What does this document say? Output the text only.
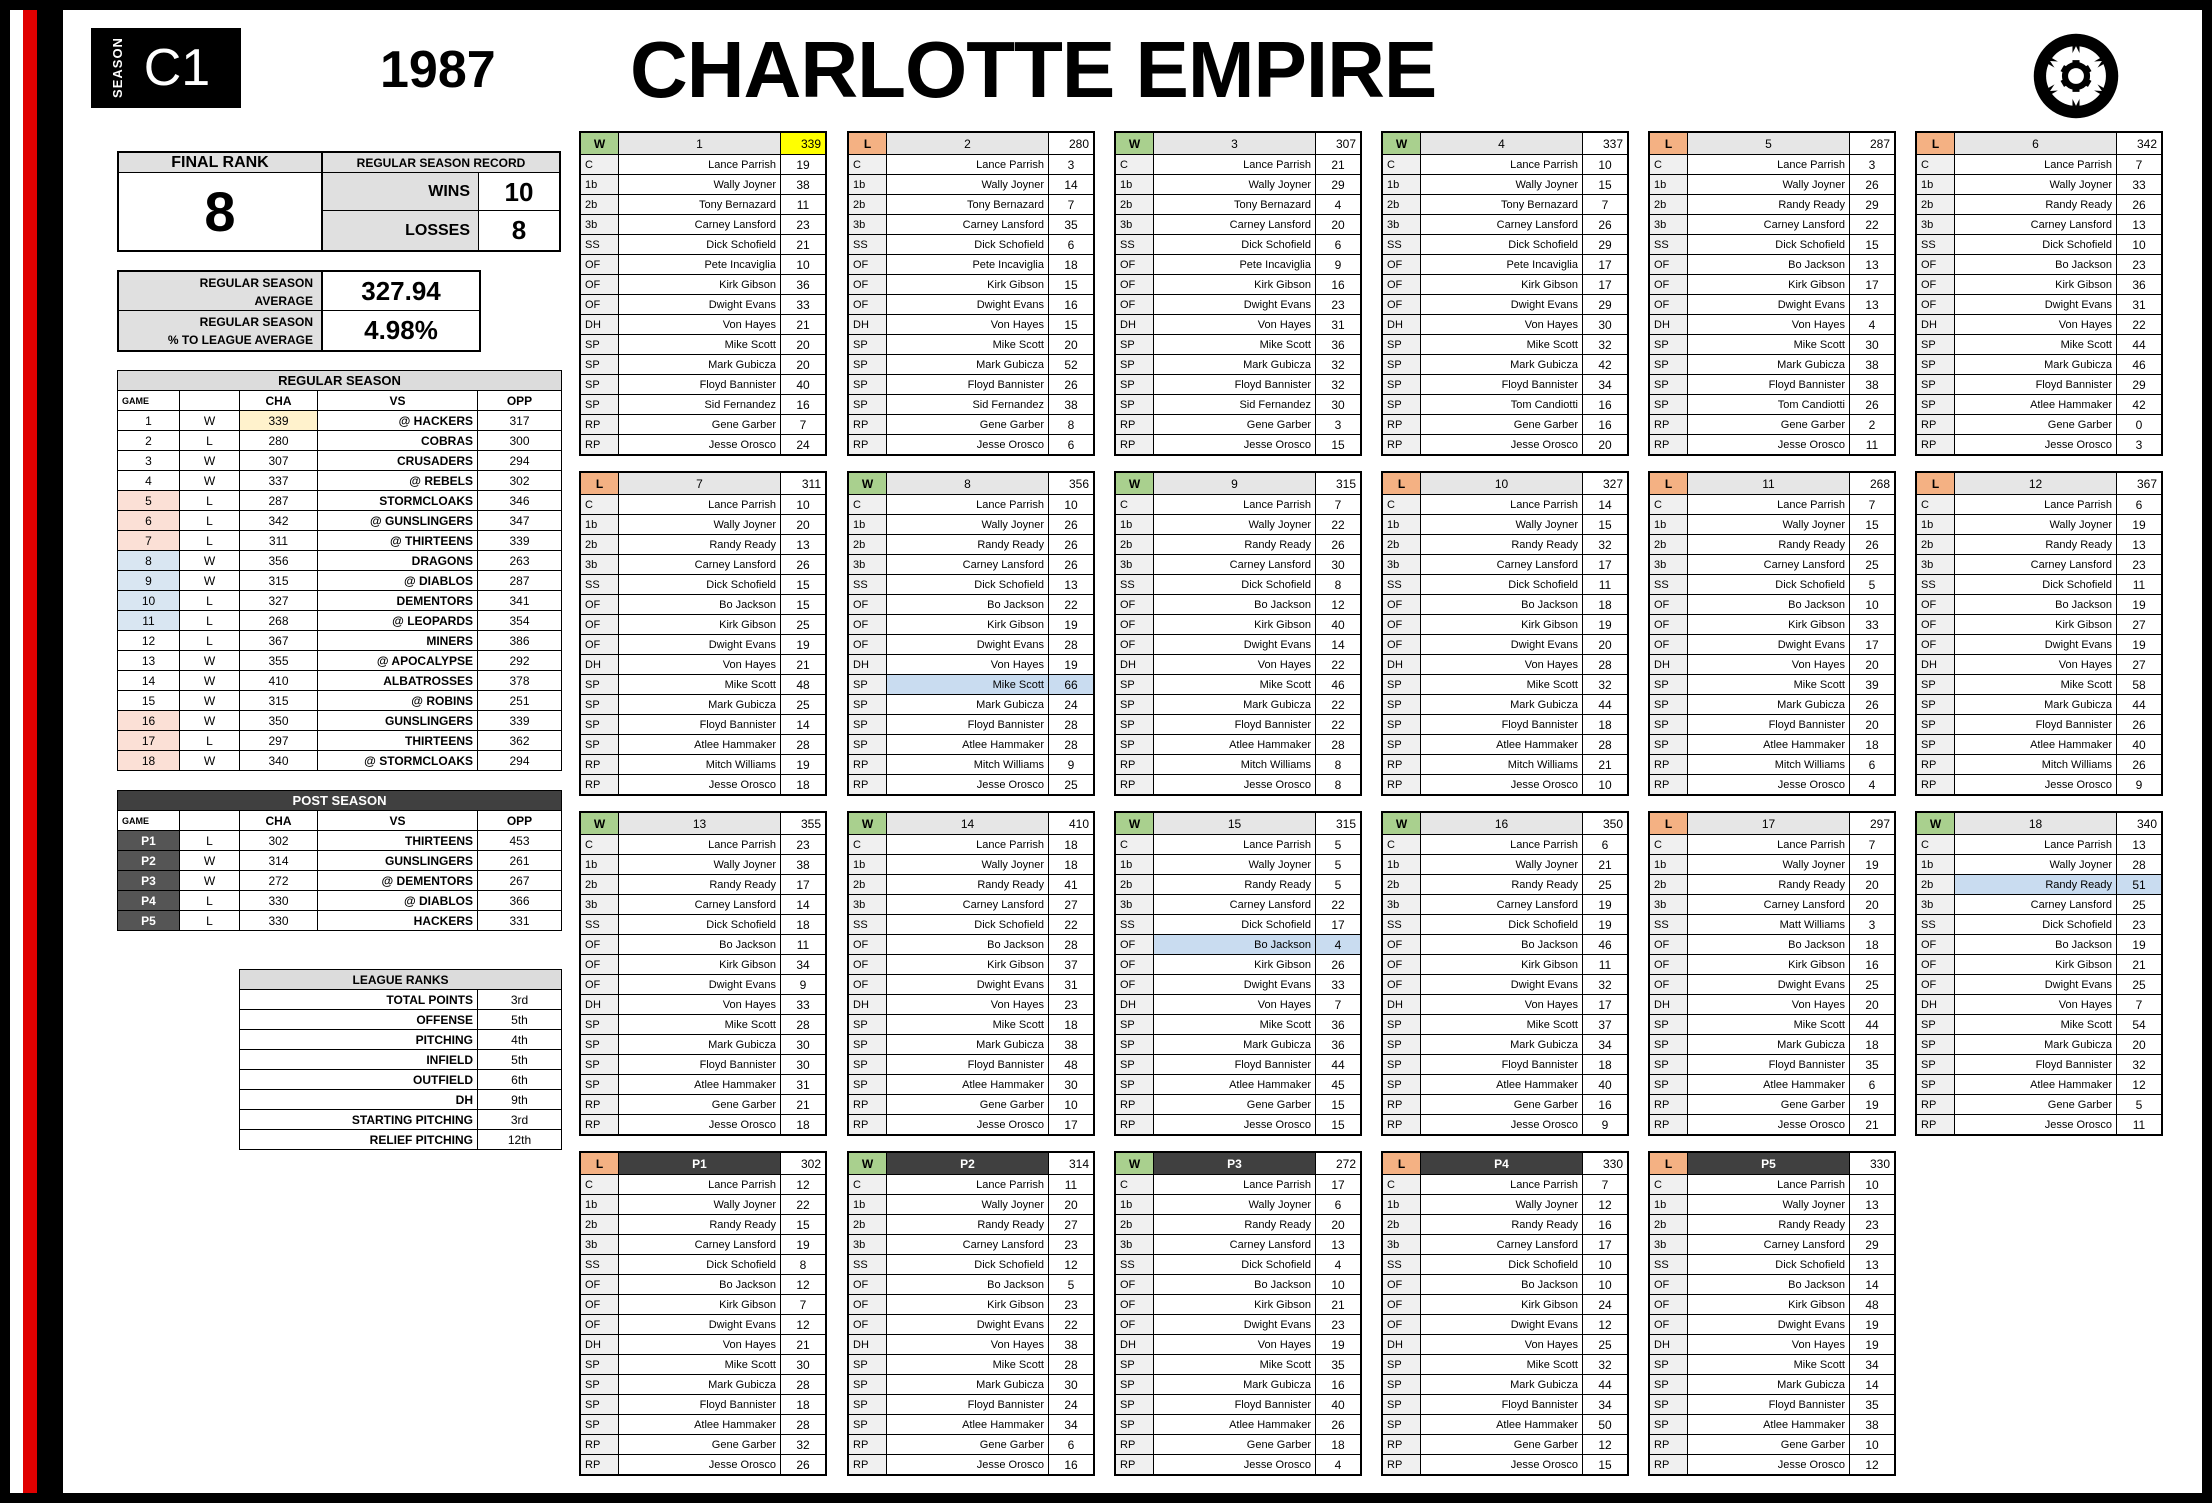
SEASON C1	1987 CHARLOTTE EMPIRE
FINAL RANK
8
REGULAR SEASON RECORD
WINS	10
LOSSES	8
REGULAR SEASON
AVERAGE	327.94
REGULAR SEASON
% TO LEAGUE AVERAGE	4.98%
REGULAR SEASON				
GAME		CHA	VS	OPP
1	W	339	@ HACKERS	317
2	L	280	COBRAS	300
3	W	307	CRUSADERS	294
4	W	337	@ REBELS	302
5	L	287	STORMCLOAKS	346
6	L	342	@ GUNSLINGERS	347
7	L	311	@ THIRTEENS	339
8	W	356	DRAGONS	263
9	W	315	@ DIABLOS	287
10	L	327	DEMENTORS	341
11	L	268	@ LEOPARDS	354
12	L	367	MINERS	386
13	W	355	@ APOCALYPSE	292
14	W	410	ALBATROSSES	378
15	W	315	@ ROBINS	251
16	W	350	GUNSLINGERS	339
17	L	297	THIRTEENS	362
18	W	340	@ STORMCLOAKS	294
POST SEASON				
GAME		CHA	VS	OPP
P1	L	302	THIRTEENS	453
P2	W	314	GUNSLINGERS	261
P3	W	272	@ DEMENTORS	267
P4	L	330	@ DIABLOS	366
P5	L	330	HACKERS	331
LEAGUE RANKS	
TOTAL POINTS	3rd
OFFENSE	5th
PITCHING	4th
INFIELD	5th
OUTFIELD	6th
DH	9th
STARTING PITCHING	3rd
RELIEF PITCHING	12th
W	1	339
C	Lance Parrish	19
1b	Wally Joyner	38
2b	Tony Bernazard	11
3b	Carney Lansford	23
SS	Dick Schofield	21
OF	Pete Incaviglia	10
OF	Kirk Gibson	36
OF	Dwight Evans	33
DH	Von Hayes	21
SP	Mike Scott	20
SP	Mark Gubicza	20
SP	Floyd Bannister	40
SP	Sid Fernandez	16
RP	Gene Garber	7
RP	Jesse Orosco	24
L	2	280
C	Lance Parrish	3
1b	Wally Joyner	14
2b	Tony Bernazard	7
3b	Carney Lansford	35
SS	Dick Schofield	6
OF	Pete Incaviglia	18
OF	Kirk Gibson	15
OF	Dwight Evans	16
DH	Von Hayes	15
SP	Mike Scott	20
SP	Mark Gubicza	52
SP	Floyd Bannister	26
SP	Sid Fernandez	38
RP	Gene Garber	8
RP	Jesse Orosco	6
W	3	307
C	Lance Parrish	21
1b	Wally Joyner	29
2b	Tony Bernazard	4
3b	Carney Lansford	20
SS	Dick Schofield	6
OF	Pete Incaviglia	9
OF	Kirk Gibson	16
OF	Dwight Evans	23
DH	Von Hayes	31
SP	Mike Scott	36
SP	Mark Gubicza	32
SP	Floyd Bannister	32
SP	Sid Fernandez	30
RP	Gene Garber	3
RP	Jesse Orosco	15
W	4	337
C	Lance Parrish	10
1b	Wally Joyner	15
2b	Tony Bernazard	7
3b	Carney Lansford	26
SS	Dick Schofield	29
OF	Pete Incaviglia	17
OF	Kirk Gibson	17
OF	Dwight Evans	29
DH	Von Hayes	30
SP	Mike Scott	32
SP	Mark Gubicza	42
SP	Floyd Bannister	34
SP	Tom Candiotti	16
RP	Gene Garber	16
RP	Jesse Orosco	20
L	5	287
C	Lance Parrish	3
1b	Wally Joyner	26
2b	Randy Ready	29
3b	Carney Lansford	22
SS	Dick Schofield	15
OF	Bo Jackson	13
OF	Kirk Gibson	17
OF	Dwight Evans	13
DH	Von Hayes	4
SP	Mike Scott	30
SP	Mark Gubicza	38
SP	Floyd Bannister	38
SP	Tom Candiotti	26
RP	Gene Garber	2
RP	Jesse Orosco	11
L	6	342
C	Lance Parrish	7
1b	Wally Joyner	33
2b	Randy Ready	26
3b	Carney Lansford	13
SS	Dick Schofield	10
OF	Bo Jackson	23
OF	Kirk Gibson	36
OF	Dwight Evans	31
DH	Von Hayes	22
SP	Mike Scott	44
SP	Mark Gubicza	46
SP	Floyd Bannister	29
SP	Atlee Hammaker	42
RP	Gene Garber	0
RP	Jesse Orosco	3
L	7	311
C	Lance Parrish	10
1b	Wally Joyner	20
2b	Randy Ready	13
3b	Carney Lansford	26
SS	Dick Schofield	15
OF	Bo Jackson	15
OF	Kirk Gibson	25
OF	Dwight Evans	19
DH	Von Hayes	21
SP	Mike Scott	48
SP	Mark Gubicza	25
SP	Floyd Bannister	14
SP	Atlee Hammaker	28
RP	Mitch Williams	19
RP	Jesse Orosco	18
W	8	356
C	Lance Parrish	10
1b	Wally Joyner	26
2b	Randy Ready	26
3b	Carney Lansford	26
SS	Dick Schofield	13
OF	Bo Jackson	22
OF	Kirk Gibson	19
OF	Dwight Evans	28
DH	Von Hayes	19
SP	Mike Scott	66
SP	Mark Gubicza	24
SP	Floyd Bannister	28
SP	Atlee Hammaker	28
RP	Mitch Williams	9
RP	Jesse Orosco	25
W	9	315
C	Lance Parrish	7
1b	Wally Joyner	22
2b	Randy Ready	26
3b	Carney Lansford	30
SS	Dick Schofield	8
OF	Bo Jackson	12
OF	Kirk Gibson	40
OF	Dwight Evans	14
DH	Von Hayes	22
SP	Mike Scott	46
SP	Mark Gubicza	22
SP	Floyd Bannister	22
SP	Atlee Hammaker	28
RP	Mitch Williams	8
RP	Jesse Orosco	8
L	10	327
C	Lance Parrish	14
1b	Wally Joyner	15
2b	Randy Ready	32
3b	Carney Lansford	17
SS	Dick Schofield	11
OF	Bo Jackson	18
OF	Kirk Gibson	19
OF	Dwight Evans	20
DH	Von Hayes	28
SP	Mike Scott	32
SP	Mark Gubicza	44
SP	Floyd Bannister	18
SP	Atlee Hammaker	28
RP	Mitch Williams	21
RP	Jesse Orosco	10
L	11	268
C	Lance Parrish	7
1b	Wally Joyner	15
2b	Randy Ready	26
3b	Carney Lansford	25
SS	Dick Schofield	5
OF	Bo Jackson	10
OF	Kirk Gibson	33
OF	Dwight Evans	17
DH	Von Hayes	20
SP	Mike Scott	39
SP	Mark Gubicza	26
SP	Floyd Bannister	20
SP	Atlee Hammaker	18
RP	Mitch Williams	6
RP	Jesse Orosco	4
L	12	367
C	Lance Parrish	6
1b	Wally Joyner	19
2b	Randy Ready	13
3b	Carney Lansford	23
SS	Dick Schofield	11
OF	Bo Jackson	19
OF	Kirk Gibson	27
OF	Dwight Evans	19
DH	Von Hayes	27
SP	Mike Scott	58
SP	Mark Gubicza	44
SP	Floyd Bannister	26
SP	Atlee Hammaker	40
RP	Mitch Williams	26
RP	Jesse Orosco	9
W	13	355
C	Lance Parrish	23
1b	Wally Joyner	38
2b	Randy Ready	17
3b	Carney Lansford	14
SS	Dick Schofield	18
OF	Bo Jackson	11
OF	Kirk Gibson	34
OF	Dwight Evans	9
DH	Von Hayes	33
SP	Mike Scott	28
SP	Mark Gubicza	30
SP	Floyd Bannister	30
SP	Atlee Hammaker	31
RP	Gene Garber	21
RP	Jesse Orosco	18
W	14	410
C	Lance Parrish	18
1b	Wally Joyner	18
2b	Randy Ready	41
3b	Carney Lansford	27
SS	Dick Schofield	22
OF	Bo Jackson	28
OF	Kirk Gibson	37
OF	Dwight Evans	31
DH	Von Hayes	23
SP	Mike Scott	18
SP	Mark Gubicza	38
SP	Floyd Bannister	48
SP	Atlee Hammaker	30
RP	Gene Garber	10
RP	Jesse Orosco	17
W	15	315
C	Lance Parrish	5
1b	Wally Joyner	5
2b	Randy Ready	5
3b	Carney Lansford	22
SS	Dick Schofield	17
OF	Bo Jackson	4
OF	Kirk Gibson	26
OF	Dwight Evans	33
DH	Von Hayes	7
SP	Mike Scott	36
SP	Mark Gubicza	36
SP	Floyd Bannister	44
SP	Atlee Hammaker	45
RP	Gene Garber	15
RP	Jesse Orosco	15
W	16	350
C	Lance Parrish	6
1b	Wally Joyner	21
2b	Randy Ready	25
3b	Carney Lansford	19
SS	Dick Schofield	19
OF	Bo Jackson	46
OF	Kirk Gibson	11
OF	Dwight Evans	32
DH	Von Hayes	17
SP	Mike Scott	37
SP	Mark Gubicza	34
SP	Floyd Bannister	18
SP	Atlee Hammaker	40
RP	Gene Garber	16
RP	Jesse Orosco	9
L	17	297
C	Lance Parrish	7
1b	Wally Joyner	19
2b	Randy Ready	20
3b	Carney Lansford	20
SS	Matt Williams	3
OF	Bo Jackson	18
OF	Kirk Gibson	16
OF	Dwight Evans	25
DH	Von Hayes	20
SP	Mike Scott	44
SP	Mark Gubicza	18
SP	Floyd Bannister	35
SP	Atlee Hammaker	6
RP	Gene Garber	19
RP	Jesse Orosco	21
W	18	340
C	Lance Parrish	13
1b	Wally Joyner	28
2b	Randy Ready	51
3b	Carney Lansford	25
SS	Dick Schofield	23
OF	Bo Jackson	19
OF	Kirk Gibson	21
OF	Dwight Evans	25
DH	Von Hayes	7
SP	Mike Scott	54
SP	Mark Gubicza	20
SP	Floyd Bannister	32
SP	Atlee Hammaker	12
RP	Gene Garber	5
RP	Jesse Orosco	11
L	P1	302
C	Lance Parrish	12
1b	Wally Joyner	22
2b	Randy Ready	15
3b	Carney Lansford	19
SS	Dick Schofield	8
OF	Bo Jackson	12
OF	Kirk Gibson	7
OF	Dwight Evans	12
DH	Von Hayes	21
SP	Mike Scott	30
SP	Mark Gubicza	28
SP	Floyd Bannister	18
SP	Atlee Hammaker	28
RP	Gene Garber	32
RP	Jesse Orosco	26
W	P2	314
C	Lance Parrish	11
1b	Wally Joyner	20
2b	Randy Ready	27
3b	Carney Lansford	23
SS	Dick Schofield	12
OF	Bo Jackson	5
OF	Kirk Gibson	23
OF	Dwight Evans	22
DH	Von Hayes	38
SP	Mike Scott	28
SP	Mark Gubicza	30
SP	Floyd Bannister	24
SP	Atlee Hammaker	34
RP	Gene Garber	6
RP	Jesse Orosco	16
W	P3	272
C	Lance Parrish	17
1b	Wally Joyner	6
2b	Randy Ready	20
3b	Carney Lansford	13
SS	Dick Schofield	4
OF	Bo Jackson	10
OF	Kirk Gibson	21
OF	Dwight Evans	23
DH	Von Hayes	19
SP	Mike Scott	35
SP	Mark Gubicza	16
SP	Floyd Bannister	40
SP	Atlee Hammaker	26
RP	Gene Garber	18
RP	Jesse Orosco	4
L	P4	330
C	Lance Parrish	7
1b	Wally Joyner	12
2b	Randy Ready	16
3b	Carney Lansford	17
SS	Dick Schofield	10
OF	Bo Jackson	10
OF	Kirk Gibson	24
OF	Dwight Evans	12
DH	Von Hayes	25
SP	Mike Scott	32
SP	Mark Gubicza	44
SP	Floyd Bannister	34
SP	Atlee Hammaker	50
RP	Gene Garber	12
RP	Jesse Orosco	15
L	P5	330
C	Lance Parrish	10
1b	Wally Joyner	13
2b	Randy Ready	23
3b	Carney Lansford	29
SS	Dick Schofield	13
OF	Bo Jackson	14
OF	Kirk Gibson	48
OF	Dwight Evans	19
DH	Von Hayes	19
SP	Mike Scott	34
SP	Mark Gubicza	14
SP	Floyd Bannister	35
SP	Atlee Hammaker	38
RP	Gene Garber	10
RP	Jesse Orosco	12
